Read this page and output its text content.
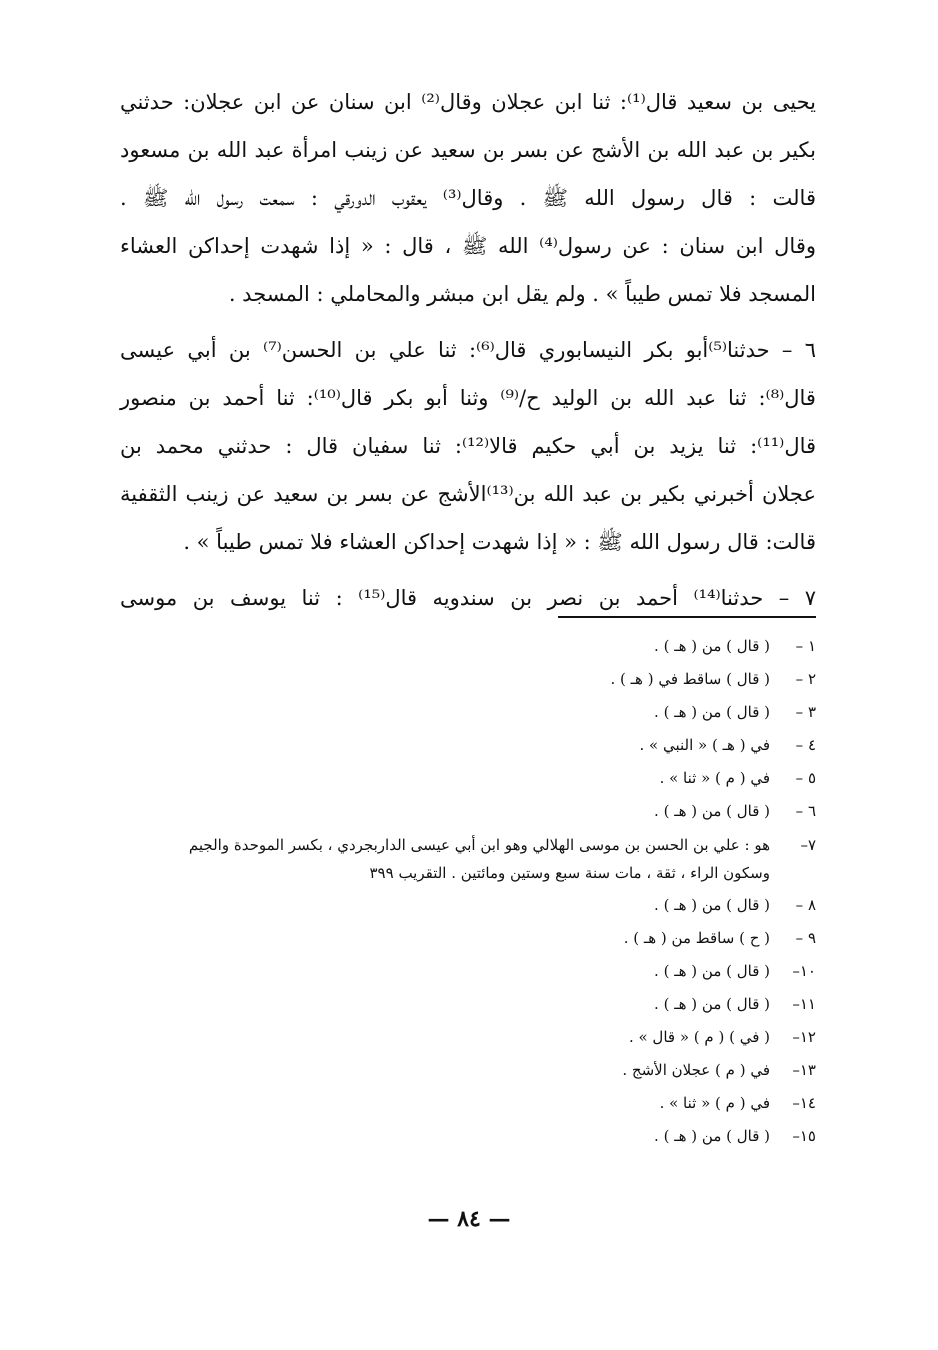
يحيى بن سعيد قال⁽¹⁾: ثنا ابن عجلان وقال⁽²⁾ ابن سنان عن ابن عجلان: حدثني
بكير بن عبد الله بن الأشج عن بسر بن سعيد عن زينب امرأة عبد الله بن مسعود
قالت : قال رسول الله ﷺ . وقال⁽³⁾ يعقوب الدورقي : سمعت رسول الله ﷺ .
وقال ابن سنان : عن رسول⁽⁴⁾ الله ﷺ ، قال : « إذا شهدت إحداكن العشاء
المسجد فلا تمس طيباً » . ولم يقل ابن مبشر والمحاملي : المسجد .
٦ – حدثنا⁽⁵⁾أبو بكر النيسابوري قال⁽⁶⁾: ثنا علي بن الحسن⁽⁷⁾ بن أبي عيسى
قال⁽⁸⁾: ثنا عبد الله بن الوليد ح/⁽⁹⁾ وثنا أبو بكر قال⁽¹⁰⁾: ثنا أحمد بن منصور
قال⁽¹¹⁾: ثنا يزيد بن أبي حكيم قالا⁽¹²⁾: ثنا سفيان قال : حدثني محمد بن
عجلان أخبرني بكير بن عبد الله بن⁽¹³⁾الأشج عن بسر بن سعيد عن زينب الثقفية
قالت: قال رسول الله ﷺ : « إذا شهدت إحداكن العشاء فلا تمس طيباً » .
٧ – حدثنا⁽¹⁴⁾ أحمد بن نصر بن سندويه قال⁽¹⁵⁾ : ثنا يوسف بن موسى
١ –
( قال ) من ( هـ ) .
٢ –
( قال ) ساقط في ( هـ ) .
٣ –
( قال ) من ( هـ ) .
٤ –
في ( هـ ) « النبي » .
٥ –
في ( م ) « ثنا » .
٦ –
( قال ) من ( هـ ) .
٧–
هو : علي بن الحسن بن موسى الهلالي وهو ابن أبي عيسى الداربجردي ، بكسر الموحدة والجيم
وسكون الراء ، ثقة ، مات سنة سبع وستين ومائتين . التقريب ٣٩٩
٨ –
( قال ) من ( هـ ) .
٩ –
( ح ) ساقط من ( هـ ) .
١٠–
( قال ) من ( هـ ) .
١١–
( قال ) من ( هـ ) .
١٢–
( في ) ( م ) « قال » .
١٣–
في ( م ) عجلان الأشج .
١٤–
في ( م ) « ثنا » .
١٥–
( قال ) من ( هـ ) .
— ٨٤ —
